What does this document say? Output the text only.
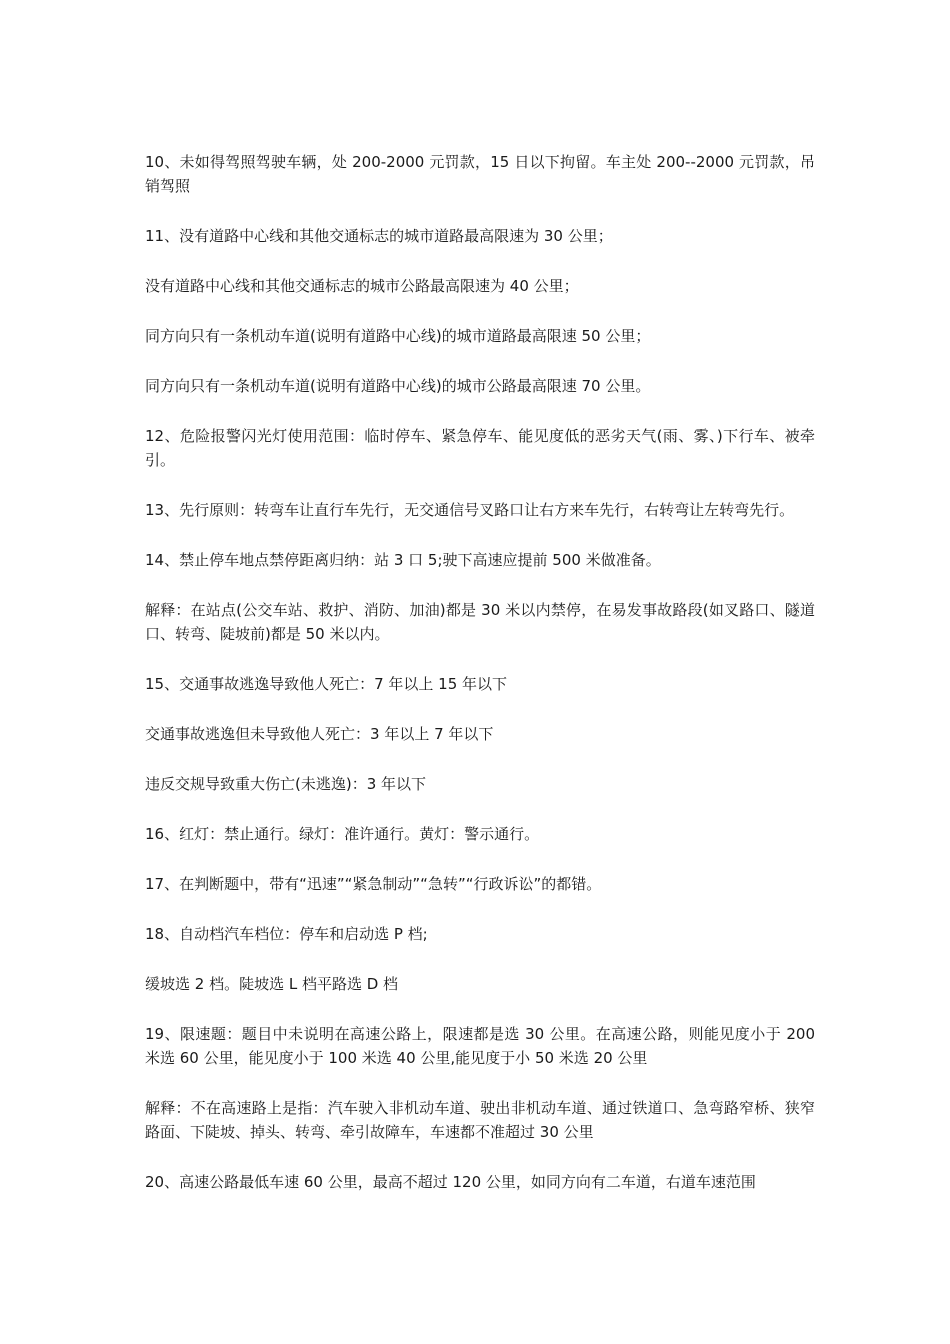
10、未如得驾照驾驶车辆，处 200-2000 元罚款，15 日以下拘留。车主处 200--2000 元罚款，吊销驾照

11、没有道路中心线和其他交通标志的城市道路最高限速为 30 公里；

没有道路中心线和其他交通标志的城市公路最高限速为 40 公里；

同方向只有一条机动车道(说明有道路中心线)的城市道路最高限速 50 公里；

同方向只有一条机动车道(说明有道路中心线)的城市公路最高限速 70 公里。

12、危险报警闪光灯使用范围：临时停车、紧急停车、能见度低的恶劣天气(雨、雾、)下行车、被牵引。

13、先行原则：转弯车让直行车先行，无交通信号叉路口让右方来车先行，右转弯让左转弯先行。

14、禁止停车地点禁停距离归纳：站 3 口 5;驶下高速应提前 500 米做准备。

解释：在站点(公交车站、救护、消防、加油)都是 30 米以内禁停，在易发事故路段(如叉路口、隧道口、转弯、陡坡前)都是 50 米以内。

15、交通事故逃逸导致他人死亡：7 年以上 15 年以下

交通事故逃逸但未导致他人死亡：3 年以上 7 年以下

违反交规导致重大伤亡(未逃逸)：3 年以下

16、红灯：禁止通行。绿灯：准许通行。黄灯：警示通行。

17、在判断题中，带有“迅速”“紧急制动”“急转”“行政诉讼”的都错。

18、自动档汽车档位：停车和启动选 P 档;

缓坡选 2 档。陡坡选 L 档平路选 D 档

19、限速题：题目中未说明在高速公路上，限速都是选 30 公里。在高速公路，则能见度小于 200 米选 60 公里，能见度小于 100 米选 40 公里,能见度于小 50 米选 20 公里

解释：不在高速路上是指：汽车驶入非机动车道、驶出非机动车道、通过铁道口、急弯路窄桥、狭窄路面、下陡坡、掉头、转弯、牵引故障车，车速都不准超过 30 公里

20、高速公路最低车速 60 公里，最高不超过 120 公里，如同方向有二车道，右道车速范围
